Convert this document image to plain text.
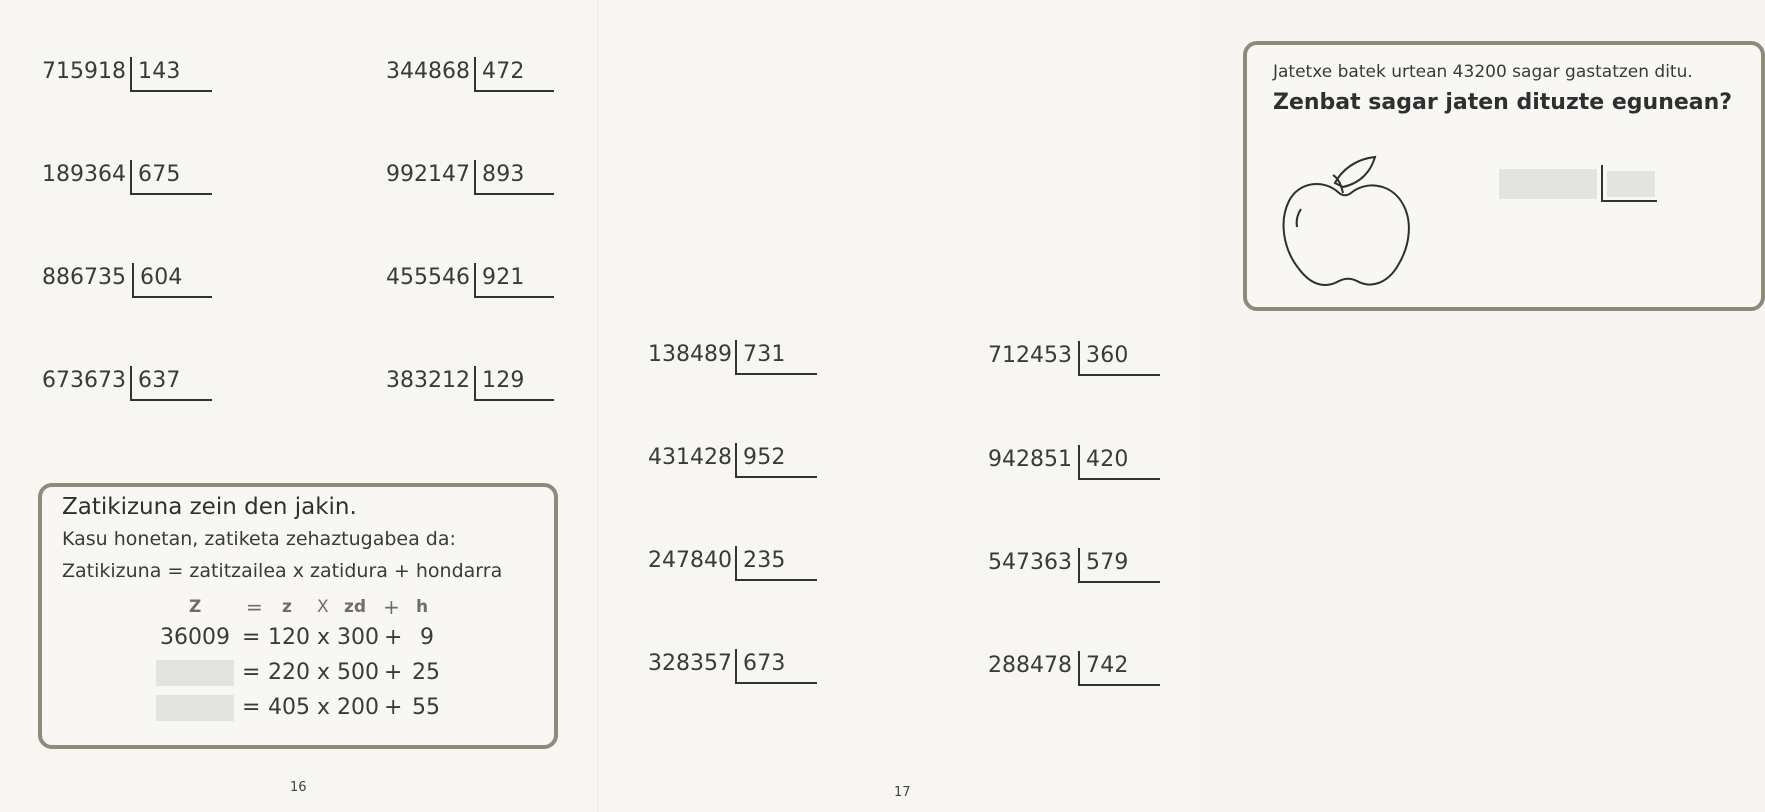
715918 143	344868 472
189364 675	992147 893
886735 604	455546 921
673673 637	383212 129
Zatikizuna zein den jakin.
Kasu honetan, zatiketa zehaztugabea da:
Zatikizuna = zatitzailea x zatidura + hondarra
Z = z X zd + h
36009 = 120 x 300 + 9
= 220 x 500 + 25
= 405 x 200 + 55
16
Jatetxe batek urtean 43200 sagar gastatzen ditu.
Zenbat sagar jaten dituzte egunean?
138489 731	712453 360
431428 952	942851 420
247840 235	547363 579
328357 673	288478 742
17
